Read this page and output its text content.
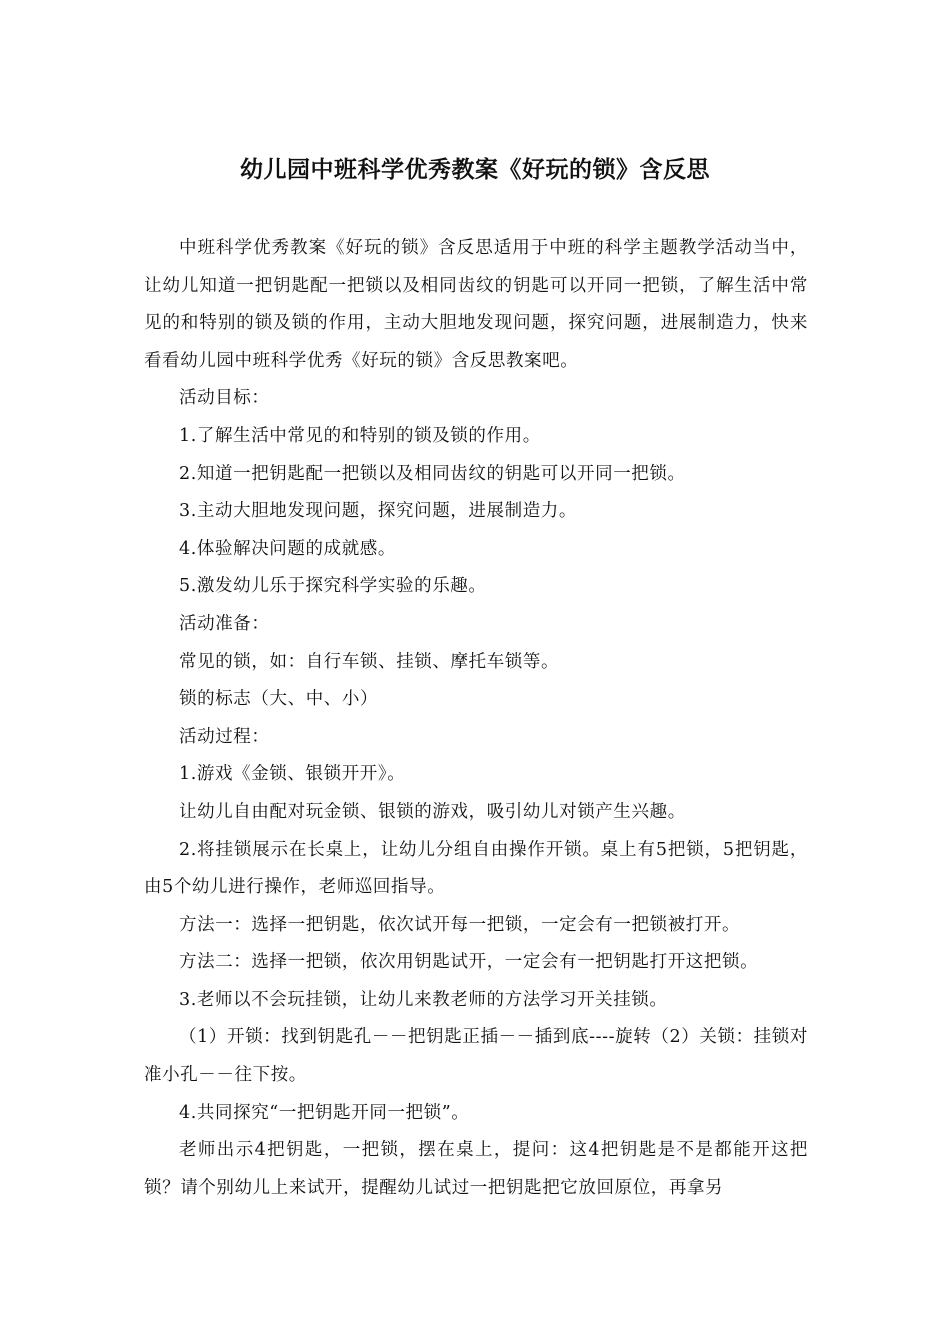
幼儿园中班科学优秀教案《好玩的锁》含反思

中班科学优秀教案《好玩的锁》含反思适用于中班的科学主题教学活动当中，让幼儿知道一把钥匙配一把锁以及相同齿纹的钥匙可以开同一把锁，了解生活中常见的和特别的锁及锁的作用，主动大胆地发现问题，探究问题，进展制造力，快来看看幼儿园中班科学优秀《好玩的锁》含反思教案吧。

活动目标：

1.了解生活中常见的和特别的锁及锁的作用。

2.知道一把钥匙配一把锁以及相同齿纹的钥匙可以开同一把锁。

3.主动大胆地发现问题，探究问题，进展制造力。

4.体验解决问题的成就感。

5.激发幼儿乐于探究科学实验的乐趣。

活动准备：

常见的锁，如：自行车锁、挂锁、摩托车锁等。

锁的标志（大、中、小）

活动过程：

1.游戏《金锁、银锁开开》。

让幼儿自由配对玩金锁、银锁的游戏，吸引幼儿对锁产生兴趣。

2.将挂锁展示在长桌上，让幼儿分组自由操作开锁。桌上有5把锁，5把钥匙，由5个幼儿进行操作，老师巡回指导。

方法一：选择一把钥匙，依次试开每一把锁，一定会有一把锁被打开。

方法二：选择一把锁，依次用钥匙试开，一定会有一把钥匙打开这把锁。

3.老师以不会玩挂锁，让幼儿来教老师的方法学习开关挂锁。

（1）开锁：找到钥匙孔－－把钥匙正插－－插到底----旋转（2）关锁：挂锁对准小孔－－往下按。

4.共同探究“一把钥匙开同一把锁”。

老师出示4把钥匙，一把锁，摆在桌上，提问：这4把钥匙是不是都能开这把锁？请个别幼儿上来试开，提醒幼儿试过一把钥匙把它放回原位，再拿另
